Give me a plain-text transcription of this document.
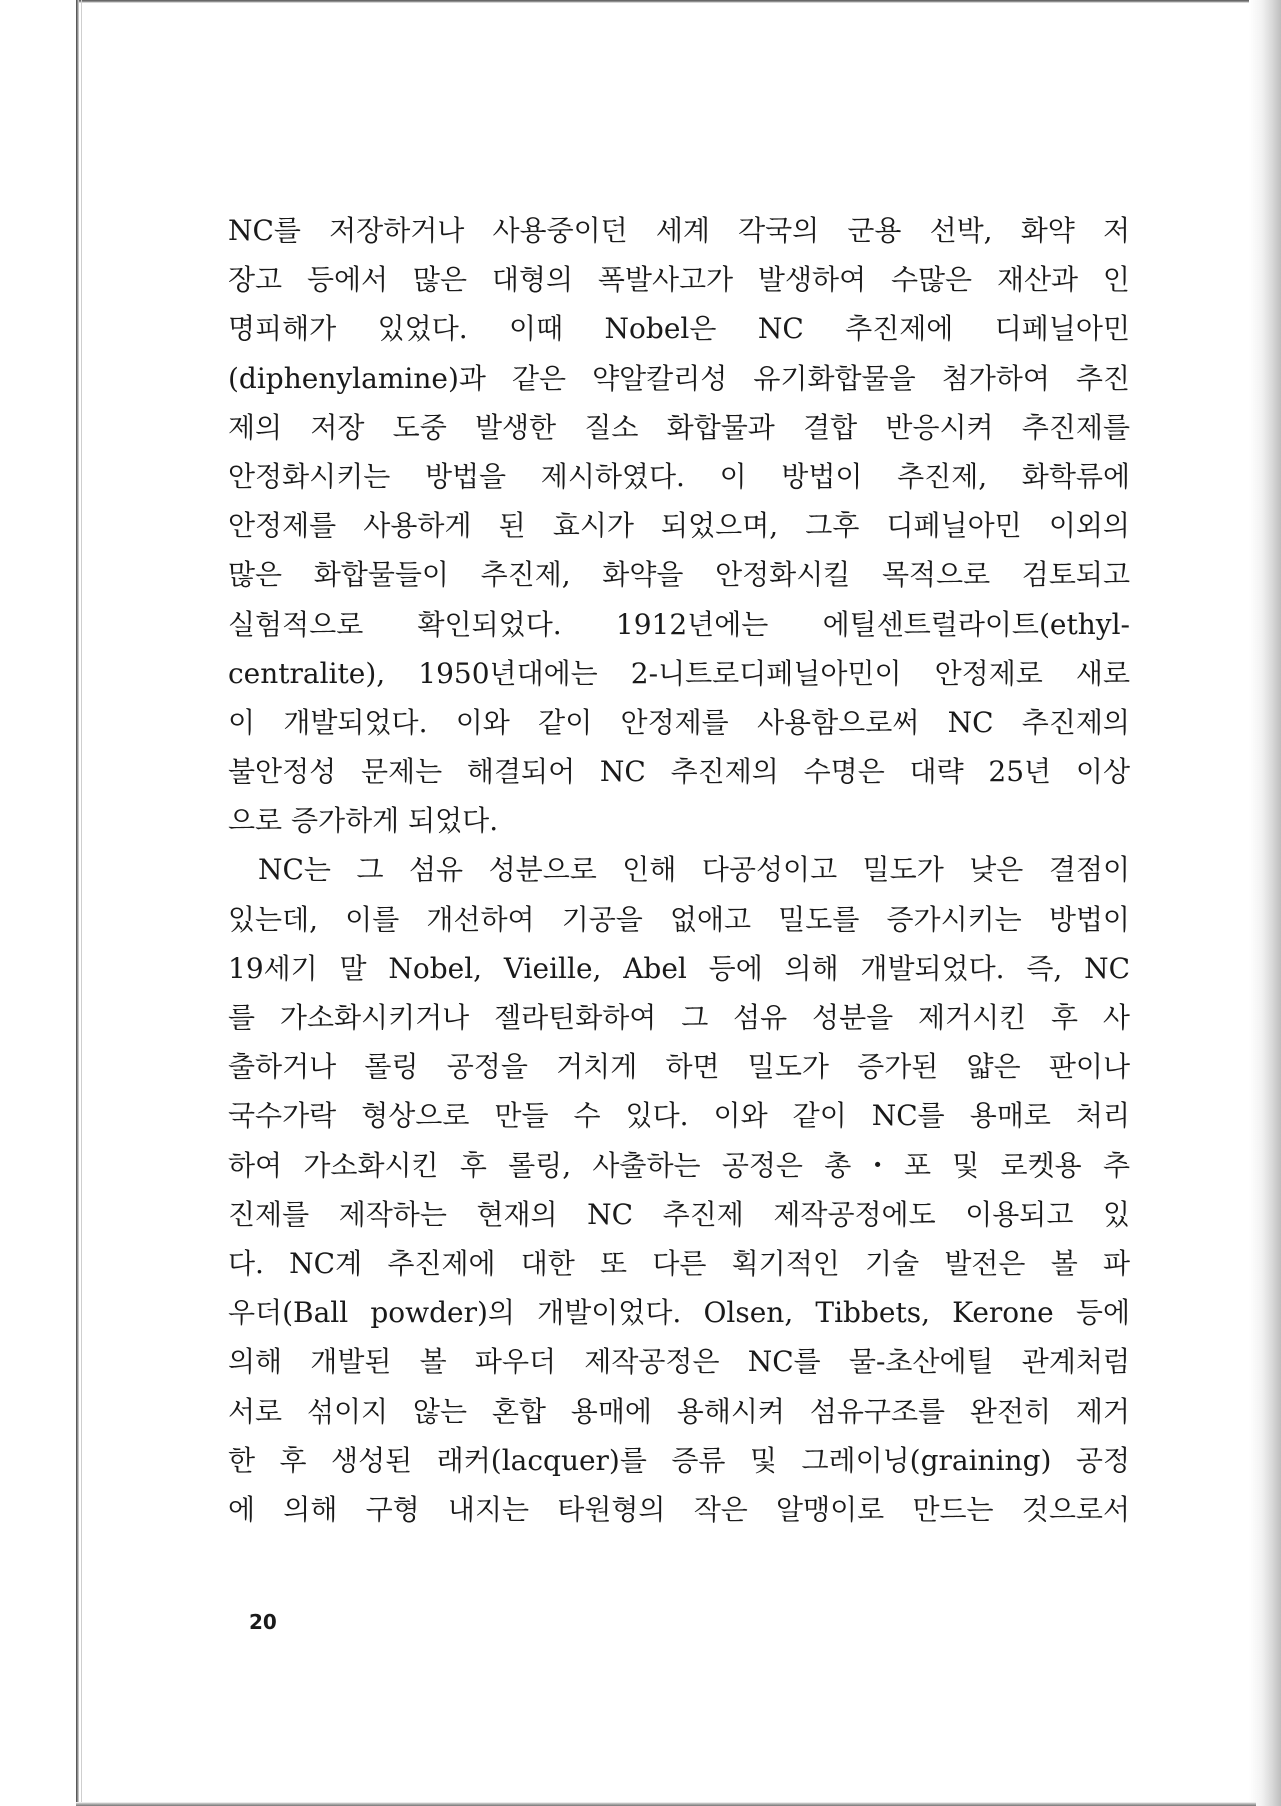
NC를 저장하거나 사용중이던 세계 각국의 군용 선박, 화약 저
장고 등에서 많은 대형의 폭발사고가 발생하여 수많은 재산과 인
명피해가 있었다. 이때 Nobel은 NC 추진제에 디페닐아민
(diphenylamine)과 같은 약알칼리성 유기화합물을 첨가하여 추진
제의 저장 도중 발생한 질소 화합물과 결합 반응시켜 추진제를
안정화시키는 방법을 제시하였다. 이 방법이 추진제, 화학류에
안정제를 사용하게 된 효시가 되었으며, 그후 디페닐아민 이외의
많은 화합물들이 추진제, 화약을 안정화시킬 목적으로 검토되고
실험적으로 확인되었다. 1912년에는 에틸센트럴라이트(ethyl-
centralite), 1950년대에는 2-니트로디페닐아민이 안정제로 새로
이 개발되었다. 이와 같이 안정제를 사용함으로써 NC 추진제의
불안정성 문제는 해결되어 NC 추진제의 수명은 대략 25년 이상
으로 증가하게 되었다.

NC는 그 섬유 성분으로 인해 다공성이고 밀도가 낮은 결점이
있는데, 이를 개선하여 기공을 없애고 밀도를 증가시키는 방법이
19세기 말 Nobel, Vieille, Abel 등에 의해 개발되었다. 즉, NC
를 가소화시키거나 젤라틴화하여 그 섬유 성분을 제거시킨 후 사
출하거나 롤링 공정을 거치게 하면 밀도가 증가된 얇은 판이나
국수가락 형상으로 만들 수 있다. 이와 같이 NC를 용매로 처리
하여 가소화시킨 후 롤링, 사출하는 공정은 총・포 및 로켓용 추
진제를 제작하는 현재의 NC 추진제 제작공정에도 이용되고 있
다. NC계 추진제에 대한 또 다른 획기적인 기술 발전은 볼 파
우더(Ball powder)의 개발이었다. Olsen, Tibbets, Kerone 등에
의해 개발된 볼 파우더 제작공정은 NC를 물-초산에틸 관계처럼
서로 섞이지 않는 혼합 용매에 용해시켜 섬유구조를 완전히 제거
한 후 생성된 래커(lacquer)를 증류 및 그레이닝(graining) 공정
에 의해 구형 내지는 타원형의 작은 알맹이로 만드는 것으로서

20
